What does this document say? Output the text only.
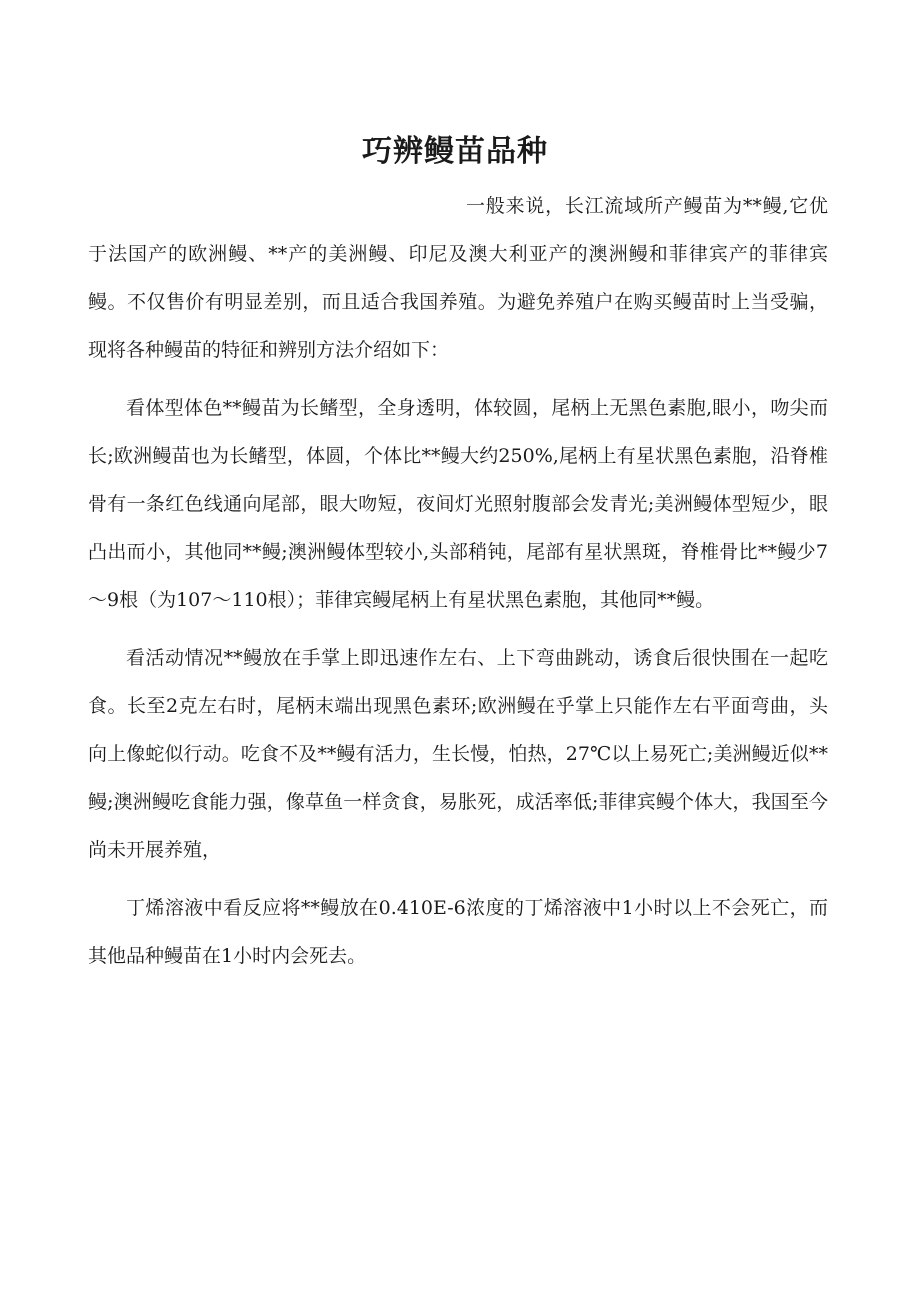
巧辨鳗苗品种

一般来说，长江流域所产鳗苗为**鳗,它优于法国产的欧洲鳗、**产的美洲鳗、印尼及澳大利亚产的澳洲鳗和菲律宾产的菲律宾鳗。不仅售价有明显差别，而且适合我国养殖。为避免养殖户在购买鳗苗时上当受骗，现将各种鳗苗的特征和辨别方法介绍如下：

看体型体色**鳗苗为长鳍型，全身透明，体较圆，尾柄上无黑色素胞,眼小，吻尖而长;欧洲鳗苗也为长鳍型，体圆，个体比**鳗大约250%,尾柄上有星状黑色素胞，沿脊椎骨有一条红色线通向尾部，眼大吻短，夜间灯光照射腹部会发青光;美洲鳗体型短少，眼凸出而小，其他同**鳗;澳洲鳗体型较小,头部稍钝，尾部有星状黑斑，脊椎骨比**鳗少7～9根（为107～110根）；菲律宾鳗尾柄上有星状黑色素胞，其他同**鳗。

看活动情况**鳗放在手掌上即迅速作左右、上下弯曲跳动，诱食后很快围在一起吃食。长至2克左右时，尾柄末端出现黑色素环;欧洲鳗在乎掌上只能作左右平面弯曲，头向上像蛇似行动。吃食不及**鳗有活力，生长慢，怕热，27℃以上易死亡;美洲鳗近似**鳗;澳洲鳗吃食能力强，像草鱼一样贪食，易胀死，成活率低;菲律宾鳗个体大，我国至今尚未开展养殖，

丁烯溶液中看反应将**鳗放在0.410E-6浓度的丁烯溶液中1小时以上不会死亡，而其他品种鳗苗在1小时内会死去。
